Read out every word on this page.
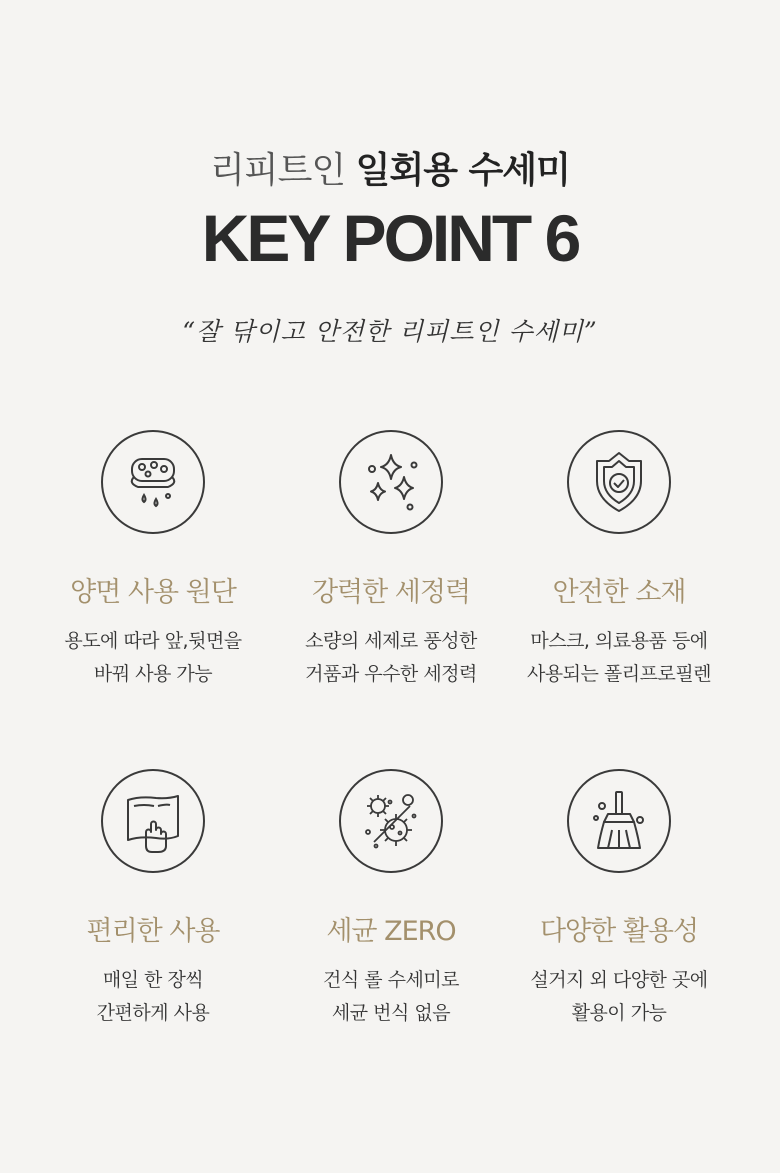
리피트인 일회용 수세미
KEY POINT 6
“잘 닦이고 안전한 리피트인 수세미”
양면 사용 원단
용도에 따라 앞,뒷면을
바꿔 사용 가능
강력한 세정력
소량의 세제로 풍성한
거품과 우수한 세정력
안전한 소재
마스크, 의료용품 등에
사용되는 폴리프로필렌
편리한 사용
매일 한 장씩
간편하게 사용
세균 ZERO
건식 롤 수세미로
세균 번식 없음
다양한 활용성
설거지 외 다양한 곳에
활용이 가능
